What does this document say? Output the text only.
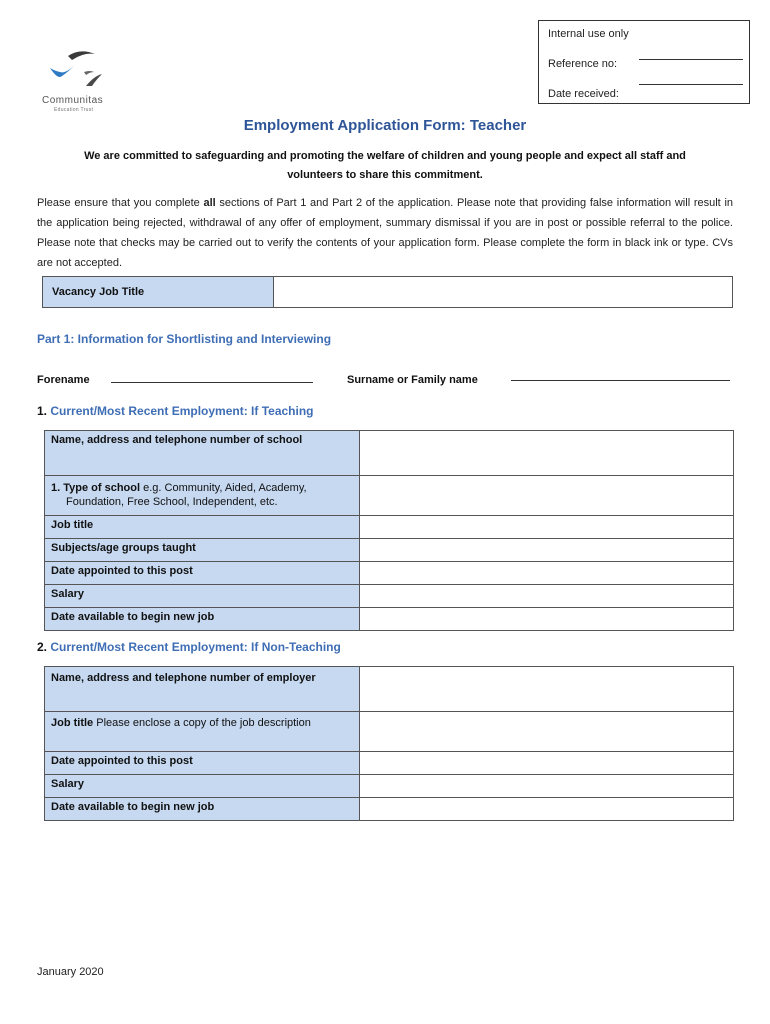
Communitas
Education Trust
Internal use only
Reference no:
Date received:
Employment Application Form: Teacher
We are committed to safeguarding and promoting the welfare of children and young people and expect all staff and
volunteers to share this commitment.
Please ensure that you complete all sections of Part 1 and Part 2 of the application. Please note that providing false information will result in the application being rejected, withdrawal of any offer of employment, summary dismissal if you are in post or possible referral to the police. Please note that checks may be carried out to verify the contents of your application form. Please complete the form in black ink or type. CVs are not accepted.
Vacancy Job Title
Part 1: Information for Shortlisting and Interviewing
Forename	Surname or Family name
1. Current/Most Recent Employment: If Teaching
Name, address and telephone number of school	

1. Type of school e.g. Community, Aided, Academy,
Foundation, Free School, Independent, etc.	

Job title	
Subjects/age groups taught	
Date appointed to this post	
Salary	
Date available to begin new job	
2. Current/Most Recent Employment: If Non-Teaching
Name, address and telephone number of employer	
Job title Please enclose a copy of the job description	
Date appointed to this post	
Salary	
Date available to begin new job	
January 2020
